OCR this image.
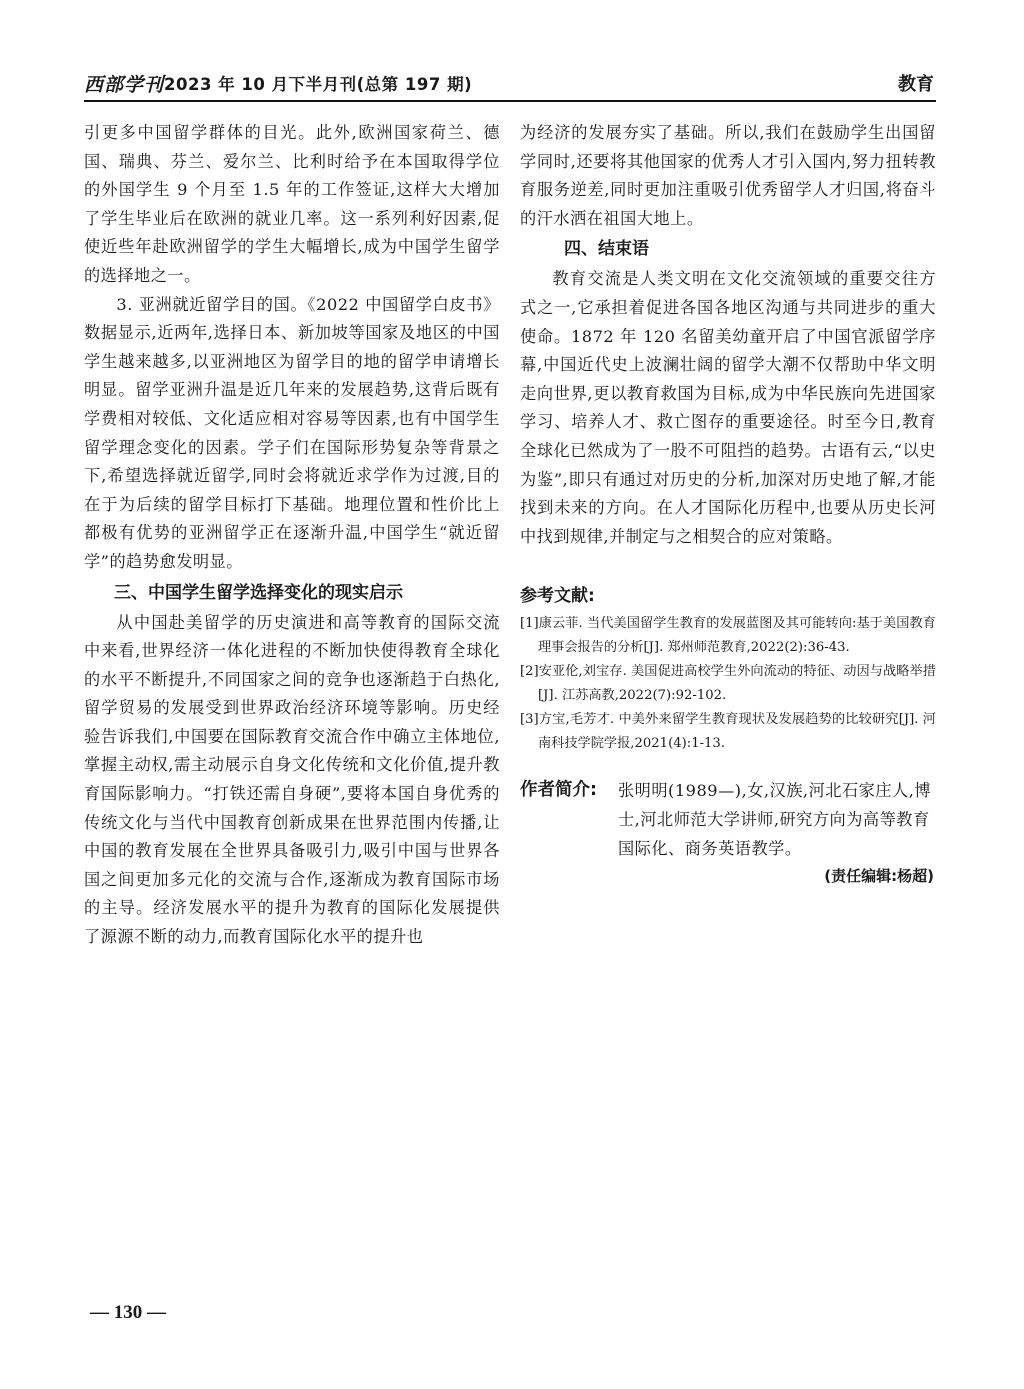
西部学刊 2023 年 10 月下半月刊(总第 197 期)	教育

引更多中国留学群体的目光。此外,欧洲国家荷兰、德国、瑞典、芬兰、爱尔兰、比利时给予在本国取得学位的外国学生 9 个月至 1.5 年的工作签证,这样大大增加了学生毕业后在欧洲的就业几率。这一系列利好因素,促使近些年赴欧洲留学的学生大幅增长,成为中国学生留学的选择地之一。

3. 亚洲就近留学目的国。《2022 中国留学白皮书》数据显示,近两年,选择日本、新加坡等国家及地区的中国学生越来越多,以亚洲地区为留学目的地的留学申请增长明显。留学亚洲升温是近几年来的发展趋势,这背后既有学费相对较低、文化适应相对容易等因素,也有中国学生留学理念变化的因素。学子们在国际形势复杂等背景之下,希望选择就近留学,同时会将就近求学作为过渡,目的在于为后续的留学目标打下基础。地理位置和性价比上都极有优势的亚洲留学正在逐渐升温,中国学生“就近留学”的趋势愈发明显。

三、中国学生留学选择变化的现实启示

从中国赴美留学的历史演进和高等教育的国际交流中来看,世界经济一体化进程的不断加快使得教育全球化的水平不断提升,不同国家之间的竞争也逐渐趋于白热化,留学贸易的发展受到世界政治经济环境等影响。历史经验告诉我们,中国要在国际教育交流合作中确立主体地位,掌握主动权,需主动展示自身文化传统和文化价值,提升教育国际影响力。“打铁还需自身硬”,要将本国自身优秀的传统文化与当代中国教育创新成果在世界范围内传播,让中国的教育发展在全世界具备吸引力,吸引中国与世界各国之间更加多元化的交流与合作,逐渐成为教育国际市场的主导。经济发展水平的提升为教育的国际化发展提供了源源不断的动力,而教育国际化水平的提升也

为经济的发展夯实了基础。所以,我们在鼓励学生出国留学同时,还要将其他国家的优秀人才引入国内,努力扭转教育服务逆差,同时更加注重吸引优秀留学人才归国,将奋斗的汗水洒在祖国大地上。

四、结束语

教育交流是人类文明在文化交流领域的重要交往方式之一,它承担着促进各国各地区沟通与共同进步的重大使命。1872 年 120 名留美幼童开启了中国官派留学序幕,中国近代史上波澜壮阔的留学大潮不仅帮助中华文明走向世界,更以教育救国为目标,成为中华民族向先进国家学习、培养人才、救亡图存的重要途径。时至今日,教育全球化已然成为了一股不可阻挡的趋势。古语有云,“以史为鉴”,即只有通过对历史的分析,加深对历史地了解,才能找到未来的方向。在人才国际化历程中,也要从历史长河中找到规律,并制定与之相契合的应对策略。

参考文献:

[1]康云菲. 当代美国留学生教育的发展蓝图及其可能转向:基于美国教育理事会报告的分析[J]. 郑州师范教育,2022(2):36-43.

[2]安亚伦,刘宝存. 美国促进高校学生外向流动的特征、动因与战略举措[J]. 江苏高教,2022(7):92-102.

[3]方宝,毛芳才. 中美外来留学生教育现状及发展趋势的比较研究[J]. 河南科技学院学报,2021(4):1-13.

作者简介: 张明明(1989—),女,汉族,河北石家庄人,博士,河北师范大学讲师,研究方向为高等教育国际化、商务英语教学。
(责任编辑:杨超)
— 130 —
